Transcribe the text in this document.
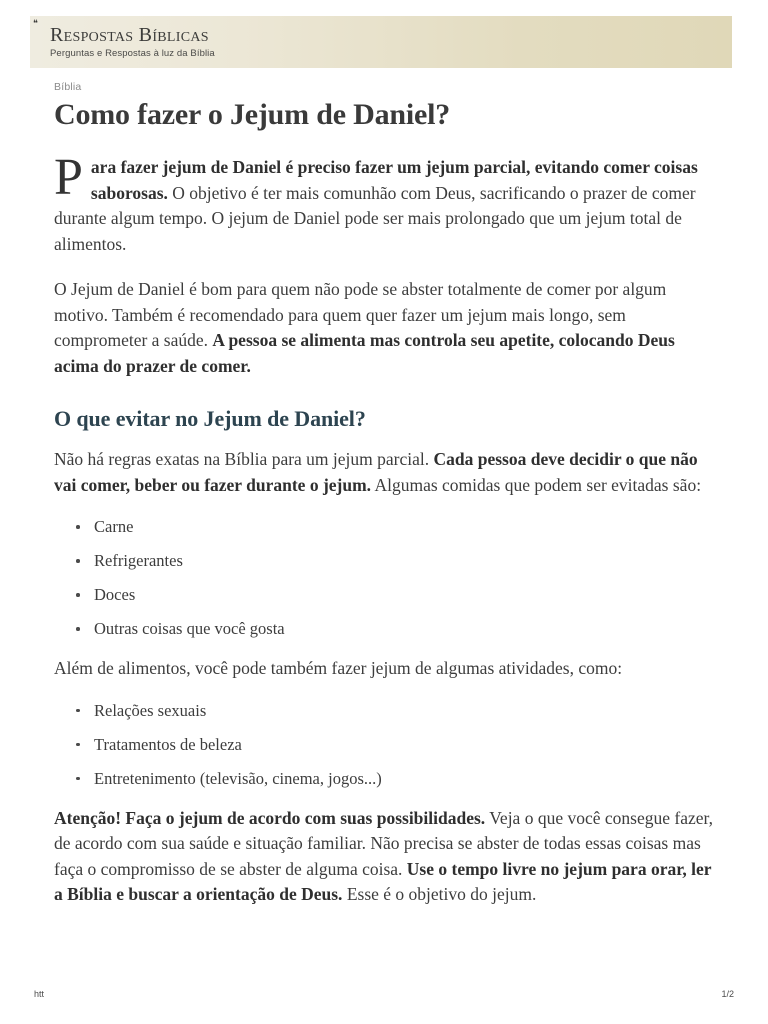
❝
Respostas Bíblicas

Perguntas e Respostas à luz da Bíblia

Bíblia
Como fazer o Jejum de Daniel?

Para fazer jejum de Daniel é preciso fazer um jejum parcial, evitando comer coisas saborosas. O objetivo é ter mais comunhão com Deus, sacrificando o prazer de comer durante algum tempo. O jejum de Daniel pode ser mais prolongado que um jejum total de alimentos.

O Jejum de Daniel é bom para quem não pode se abster totalmente de comer por algum motivo. Também é recomendado para quem quer fazer um jejum mais longo, sem comprometer a saúde. A pessoa se alimenta mas controla seu apetite, colocando Deus acima do prazer de comer.

O que evitar no Jejum de Daniel?

Não há regras exatas na Bíblia para um jejum parcial. Cada pessoa deve decidir o que não vai comer, beber ou fazer durante o jejum. Algumas comidas que podem ser evitadas são:

Carne
Refrigerantes
Doces
Outras coisas que você gosta

Além de alimentos, você pode também fazer jejum de algumas atividades, como:

Relações sexuais
Tratamentos de beleza
Entretenimento (televisão, cinema, jogos...)

Atenção! Faça o jejum de acordo com suas possibilidades. Veja o que você consegue fazer, de acordo com sua saúde e situação familiar. Não precisa se abster de todas essas coisas mas faça o compromisso de se abster de alguma coisa. Use o tempo livre no jejum para orar, ler a Bíblia e buscar a orientação de Deus. Esse é o objetivo do jejum.

htt	1/2
